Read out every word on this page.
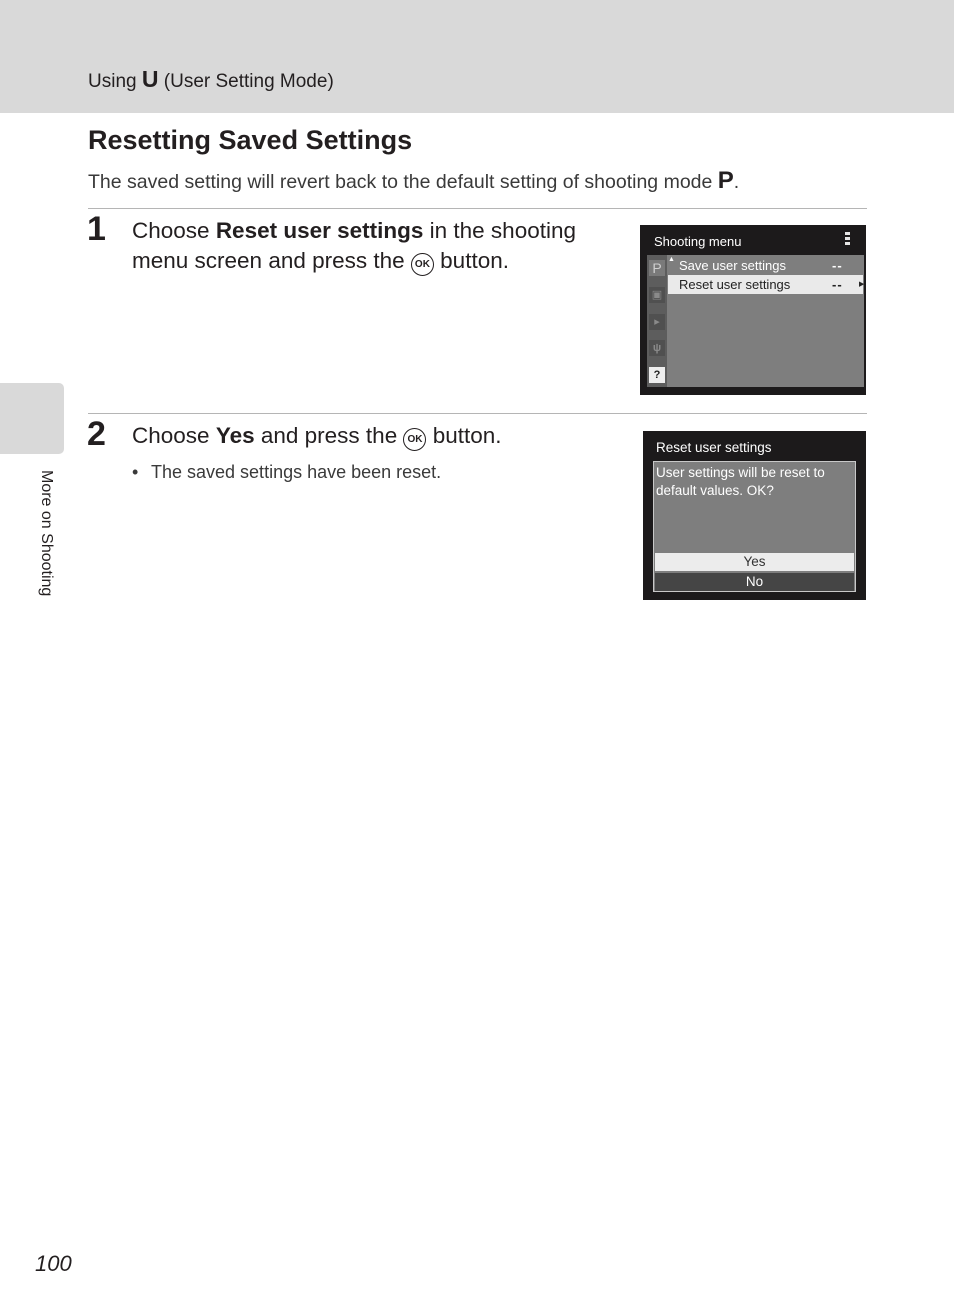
Using U (User Setting Mode)
More on Shooting
Resetting Saved Settings
The saved setting will revert back to the default setting of shooting mode P.
1 Choose Reset user settings in the shooting menu screen and press the OK button.
Shooting menu
P
▣
▸
ψ
?
Save user settings	--
Reset user settings	-- ▶
▲
2 Choose Yes and press the OK button.
• The saved settings have been reset.
Reset user settings
User settings will be reset to default values. OK?
Yes
No
100
